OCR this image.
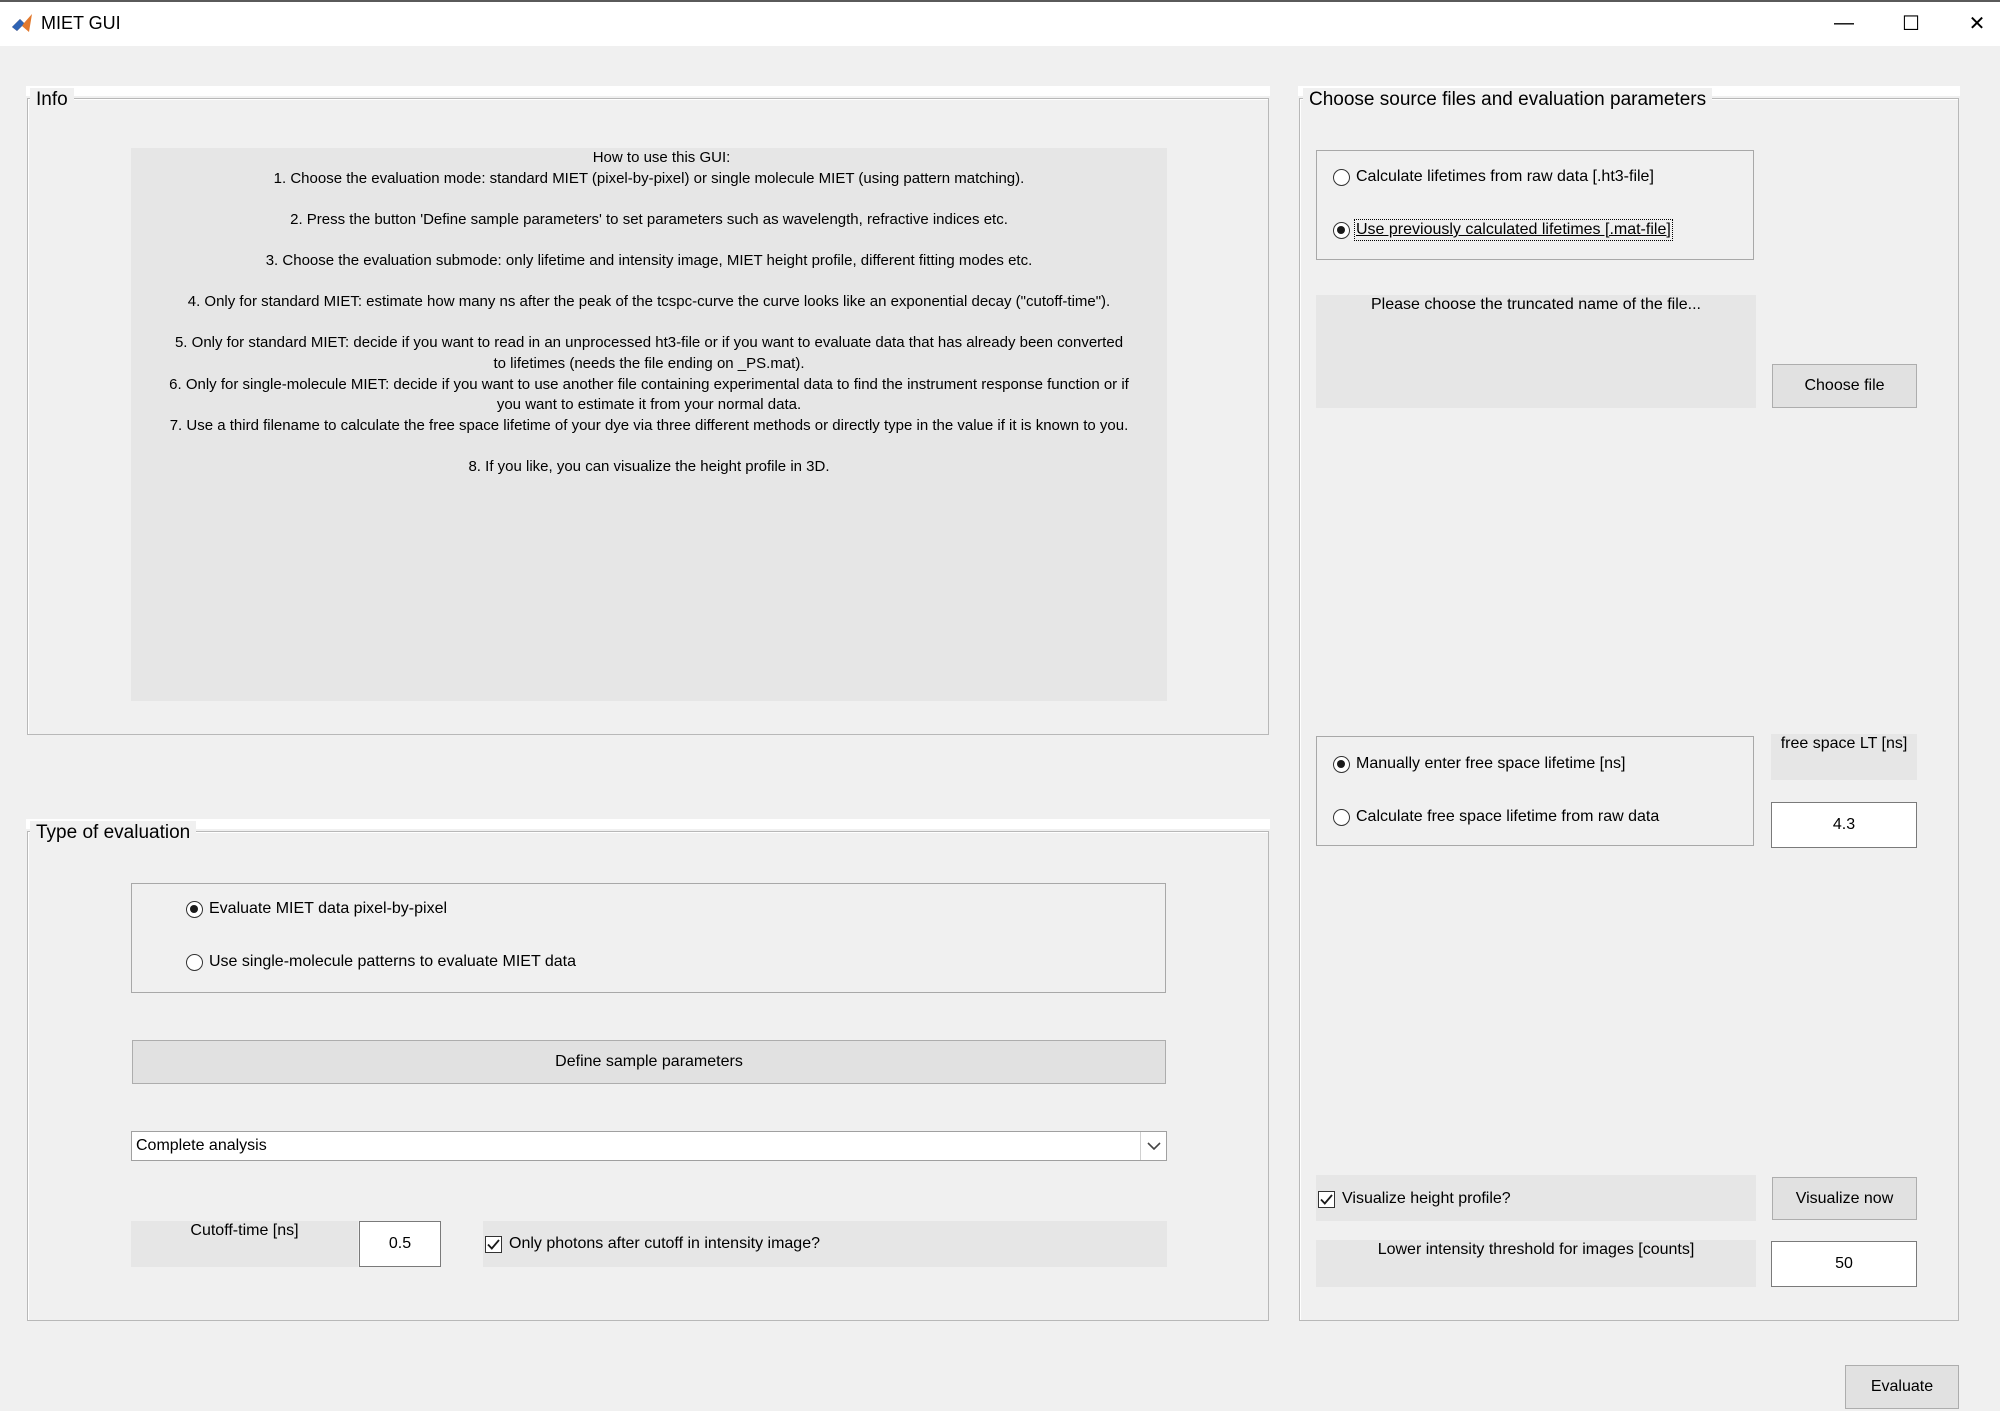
MIET GUI	—	☐	✕
Info
How to use this GUI:
1. Choose the evaluation mode: standard MIET (pixel-by-pixel) or single molecule MIET (using pattern matching).

2. Press the button 'Define sample parameters' to set parameters such as wavelength, refractive indices etc.

3. Choose the evaluation submode: only lifetime and intensity image, MIET height profile, different fitting modes etc.

4. Only for standard MIET: estimate how many ns after the peak of the tcspc-curve the curve looks like an exponential decay ("cutoff-time").

5. Only for standard MIET: decide if you want to read in an unprocessed ht3-file or if you want to evaluate data that has already been converted
to lifetimes (needs the file ending on _PS.mat).
6. Only for single-molecule MIET: decide if you want to use another file containing experimental data to find the instrument response function or if
you want to estimate it from your normal data.
7. Use a third filename to calculate the free space lifetime of your dye via three different methods or directly type in the value if it is known to you.

8. If you like, you can visualize the height profile in 3D.
Type of evaluation
Evaluate MIET data pixel-by-pixel
Use single-molecule patterns to evaluate MIET data
Define sample parameters
Complete analysis
Cutoff-time [ns]
0.5	Only photons after cutoff in intensity image?
Choose source files and evaluation parameters
Calculate lifetimes from raw data [.ht3-file]
Use previously calculated lifetimes [.mat-file]
Please choose the truncated name of the file...
Choose file
Manually enter free space lifetime [ns]
Calculate free space lifetime from raw data
free space LT [ns]
4.3
Visualize height profile?	Visualize now
Lower intensity threshold for images [counts]
50
Evaluate
